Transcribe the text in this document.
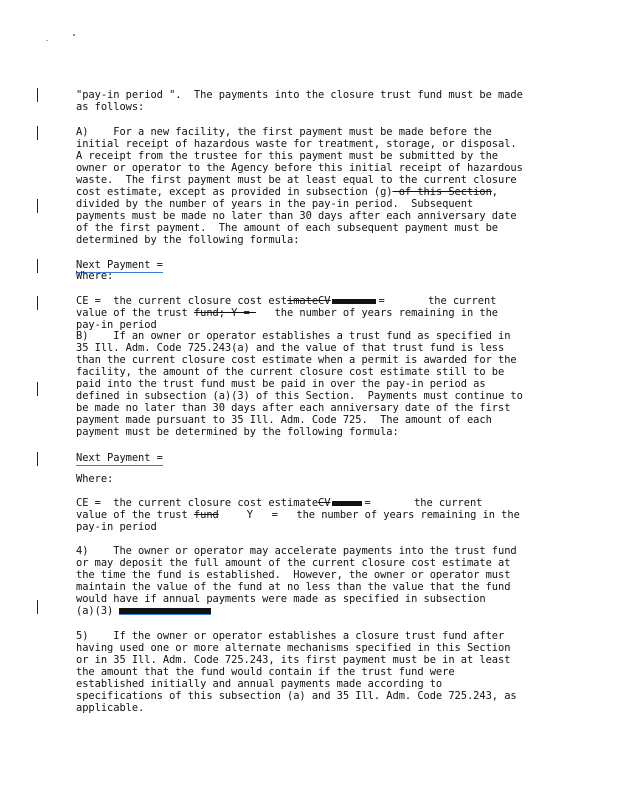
"pay-in period ".  The payments into the closure trust fund must be made
as follows:
A)    For a new facility, the first payment must be made before the
initial receipt of hazardous waste for treatment, storage, or disposal.
A receipt from the trustee for this payment must be submitted by the
owner or operator to the Agency before this initial receipt of hazardous
waste.  The first payment must be at least equal to the current closure
cost estimate, except as provided in subsection (g) of this Section,
divided by the number of years in the pay-in period.  Subsequent
payments must be made no later than 30 days after each anniversary date
of the first payment.  The amount of each subsequent payment must be
determined by the following formula:
Next Payment =
Where:
CE =  the current closure cost estimateCV	=       the current
value of the trust fund; Y =    the number of years remaining in the
pay-in period
B)    If an owner or operator establishes a trust fund as specified in
35 Ill. Adm. Code 725.243(a) and the value of that trust fund is less
than the current closure cost estimate when a permit is awarded for the
facility, the amount of the current closure cost estimate still to be
paid into the trust fund must be paid in over the pay-in period as
defined in subsection (a)(3) of this Section.  Payments must continue to
be made no later than 30 days after each anniversary date of the first
payment made pursuant to 35 Ill. Adm. Code 725.  The amount of each
payment must be determined by the following formula:
Next Payment =
Where:
CE =  the current closure cost estimateCV	=       the current
value of the trust fund	Y   =   the number of years remaining in the
pay-in period
4)    The owner or operator may accelerate payments into the trust fund
or may deposit the full amount of the current closure cost estimate at
the time the fund is established.  However, the owner or operator must
maintain the value of the fund at no less than the value that the fund
would have if annual payments were made as specified in subsection
(a)(3)
5)    If the owner or operator establishes a closure trust fund after
having used one or more alternate mechanisms specified in this Section
or in 35 Ill. Adm. Code 725.243, its first payment must be in at least
the amount that the fund would contain if the trust fund were
established initially and annual payments made according to
specifications of this subsection (a) and 35 Ill. Adm. Code 725.243, as
applicable.
